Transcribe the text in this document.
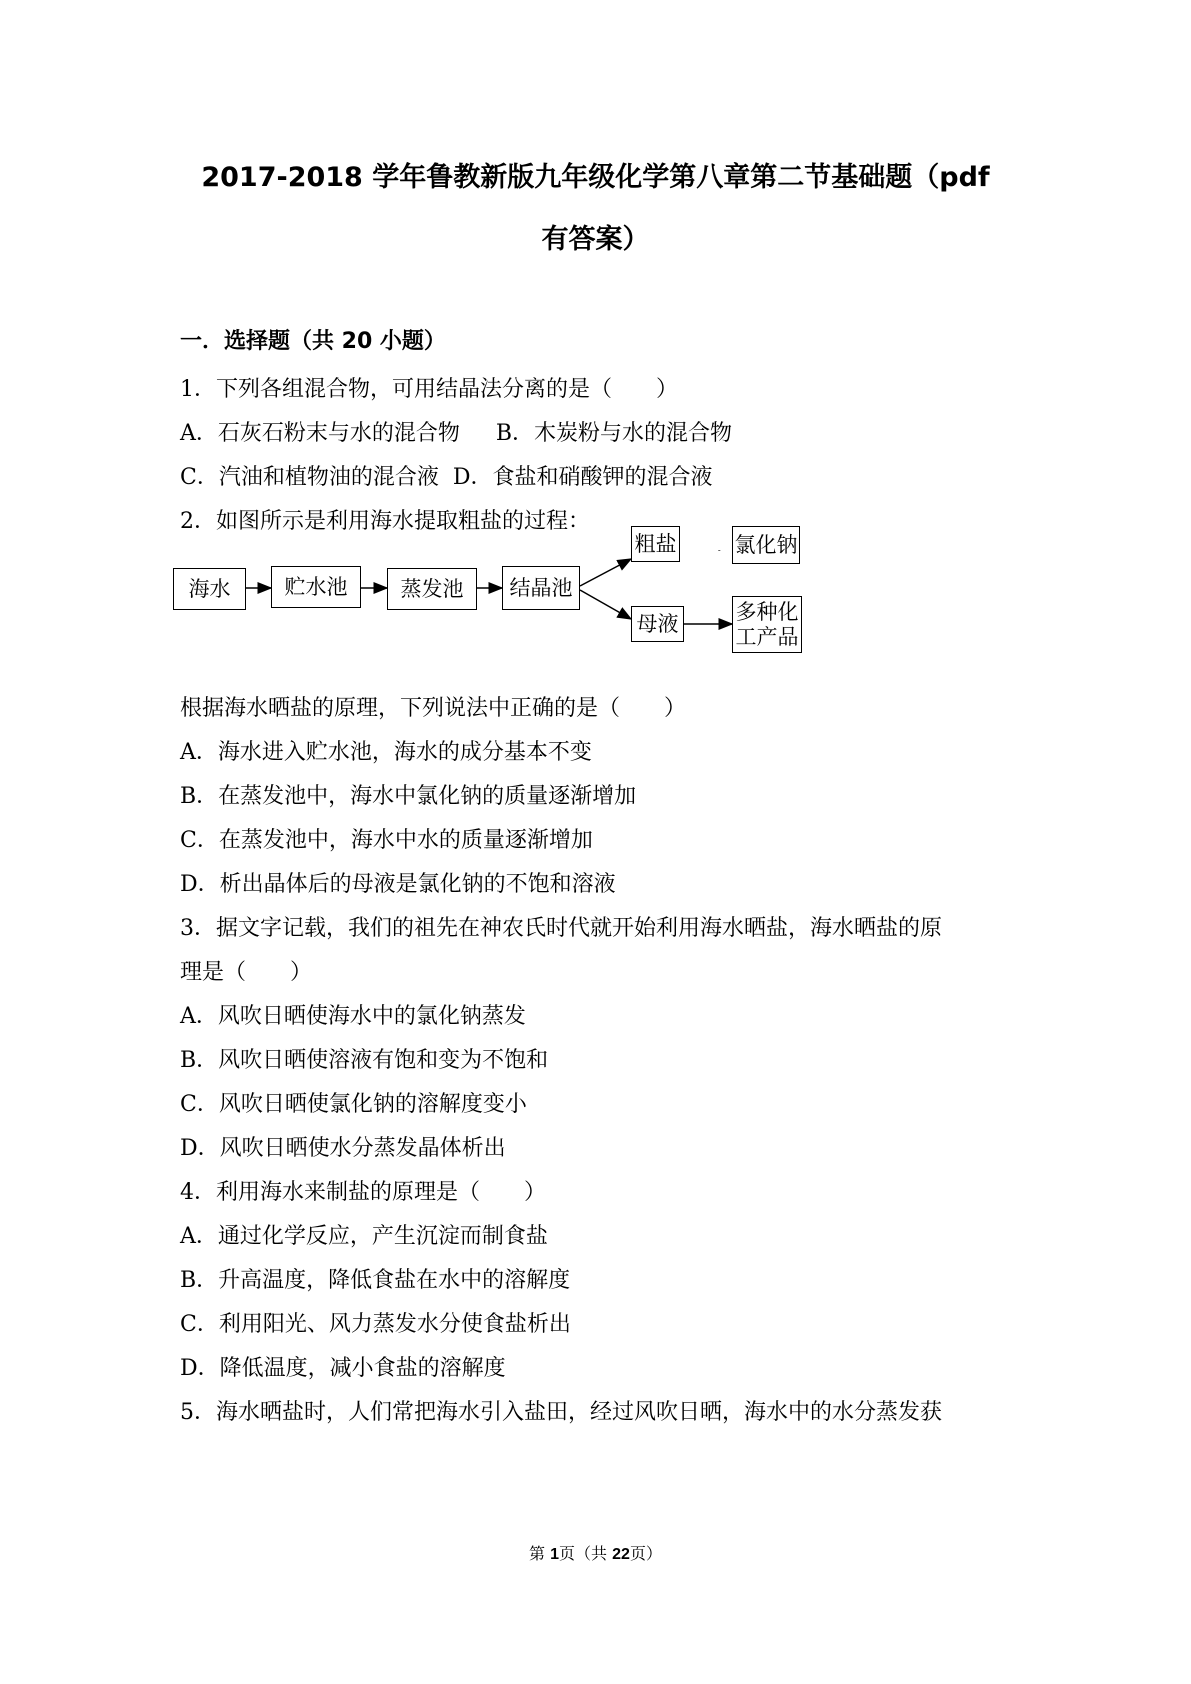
2017-2018 学年鲁教新版九年级化学第八章第二节基础题（pdf
有答案）
一．选择题（共 20 小题）
1．下列各组混合物，可用结晶法分离的是（　　）
A．石灰石粉末与水的混合物 B．木炭粉与水的混合物
C．汽油和植物油的混合液 D．食盐和硝酸钾的混合液
2．如图所示是利用海水提取粗盐的过程：
海水	贮水池	蒸发池	结晶池
粗盐	氯化钠
母液	多种化
工产品
根据海水晒盐的原理，下列说法中正确的是（　　）
A．海水进入贮水池，海水的成分基本不变
B．在蒸发池中，海水中氯化钠的质量逐渐增加
C．在蒸发池中，海水中水的质量逐渐增加
D．析出晶体后的母液是氯化钠的不饱和溶液
3．据文字记载，我们的祖先在神农氏时代就开始利用海水晒盐，海水晒盐的原
理是（　　）
A．风吹日晒使海水中的氯化钠蒸发
B．风吹日晒使溶液有饱和变为不饱和
C．风吹日晒使氯化钠的溶解度变小
D．风吹日晒使水分蒸发晶体析出
4．利用海水来制盐的原理是（　　）
A．通过化学反应，产生沉淀而制食盐
B．升高温度，降低食盐在水中的溶解度
C．利用阳光、风力蒸发水分使食盐析出
D．降低温度，减小食盐的溶解度
5．海水晒盐时，人们常把海水引入盐田，经过风吹日晒，海水中的水分蒸发获
第 1页（共 22页）
